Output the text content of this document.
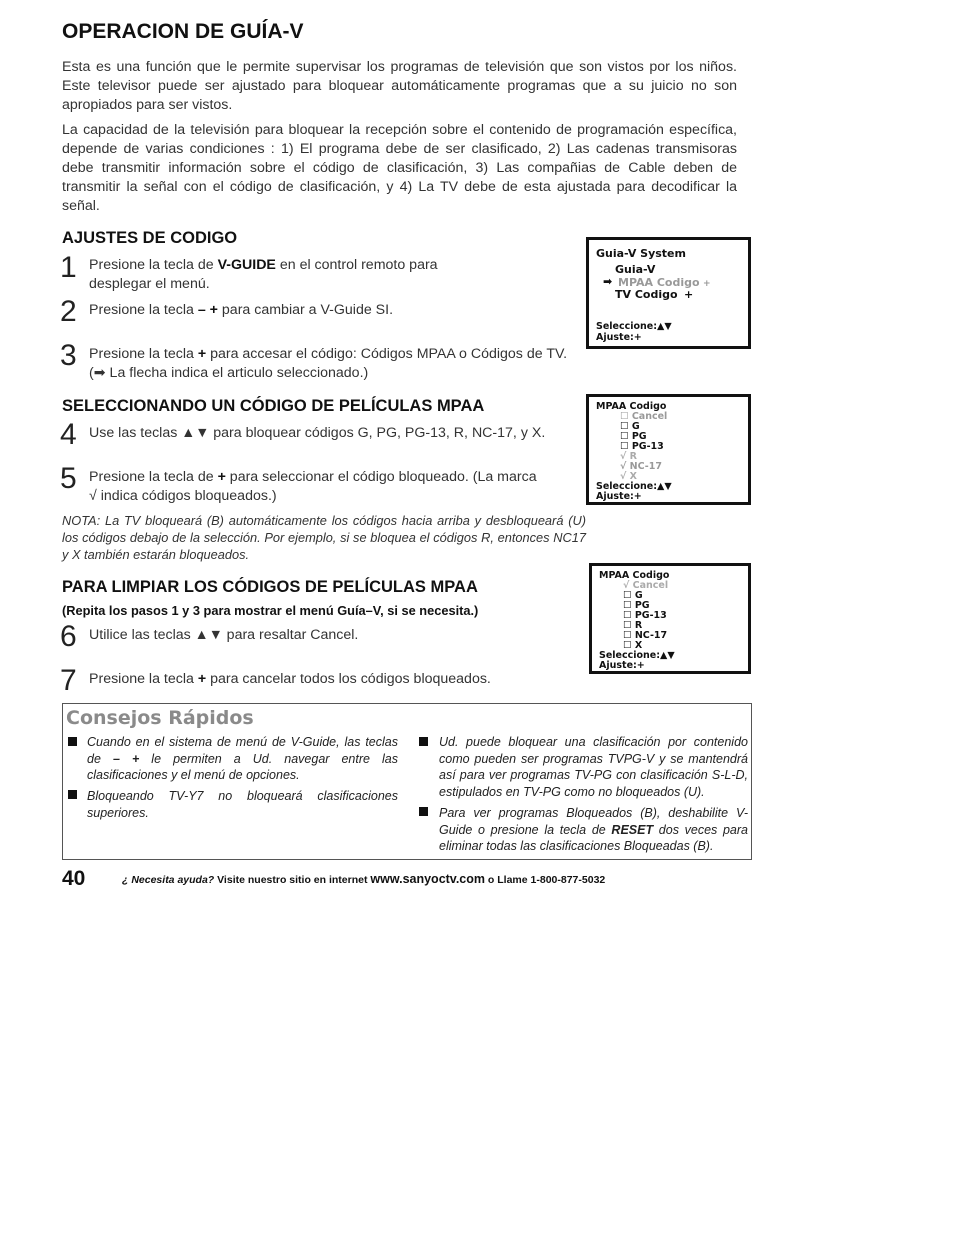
OPERACION DE GUÍA-V

Esta es una función que le permite supervisar los programas de televisión que son vistos por los niños. Este televisor puede ser ajustado para bloquear automáticamente programas que a su juicio no son apropiados para ser vistos.

La capacidad de la televisión para bloquear la recepción sobre el contenido de programación específica, depende de varias condiciones : 1) El programa debe de ser clasificado, 2) Las cadenas transmisoras debe transmitir información sobre el código de clasificación, 3) Las compañias de Cable deben de transmitir la señal con el código de clasificación, y 4) La TV debe de esta ajustada para decodificar la señal.

AJUSTES DE CODIGO
1 Presione la tecla de V-GUIDE en el control remoto para desplegar el menú.

2 Presione la tecla – + para cambiar a V-Guide SI.

3 Presione la tecla + para accesar el código: Códigos MPAA o Códigos de TV. (➡ La flecha indica el articulo seleccionado.)

Guia-V System
Guia-V
➡ MPAA Codigo +
TV Codigo +
Seleccione:▲▼
Ajuste:+
SELECCIONANDO UN CÓDIGO DE PELÍCULAS MPAA
4 Use las teclas ▲▼ para bloquear códigos G, PG, PG-13, R, NC-17, y X.

5 Presione la tecla de + para seleccionar el código bloqueado. (La marca √ indica códigos bloqueados.)

NOTA: La TV bloqueará (B) automáticamente los códigos hacia arriba y desbloqueará (U) los códigos debajo de la selección. Por ejemplo, si se bloquea el códigos R, entonces NC17 y X también estarán bloqueados.
MPAA Codigo
☐ Cancel
☐ G
☐ PG
☐ PG-13
√ R
√ NC-17
√ X
Seleccione:▲▼
Ajuste:+
PARA LIMPIAR LOS CÓDIGOS DE PELÍCULAS MPAA
(Repita los pasos 1 y 3 para mostrar el menú Guía–V, si se necesita.)
6 Utilice las teclas ▲▼ para resaltar Cancel.

7 Presione la tecla + para cancelar todos los códigos bloqueados.

MPAA Codigo
√ Cancel
☐ G
☐ PG
☐ PG-13
☐ R
☐ NC-17
☐ X
Seleccione:▲▼
Ajuste:+
Consejos Rápidos
Cuando en el sistema de menú de V-Guide, las teclas de – + le permiten a Ud. navegar entre las clasificaciones y el menú de opciones.
Bloqueando TV-Y7 no bloqueará clasificaciones superiores.
Ud. puede bloquear una clasificación por contenido como pueden ser programas TVPG-V y se mantendrá así para ver programas TV-PG con clasificación S-L-D, estipulados en TV-PG como no bloqueados (U).
Para ver programas Bloqueados (B), deshabilite V-Guide o presione la tecla de RESET dos veces para eliminar todas las clasificaciones Bloqueadas (B).
40	¿ Necesita ayuda? Visite nuestro sitio en internet www.sanyoctv.com o Llame 1-800-877-5032
